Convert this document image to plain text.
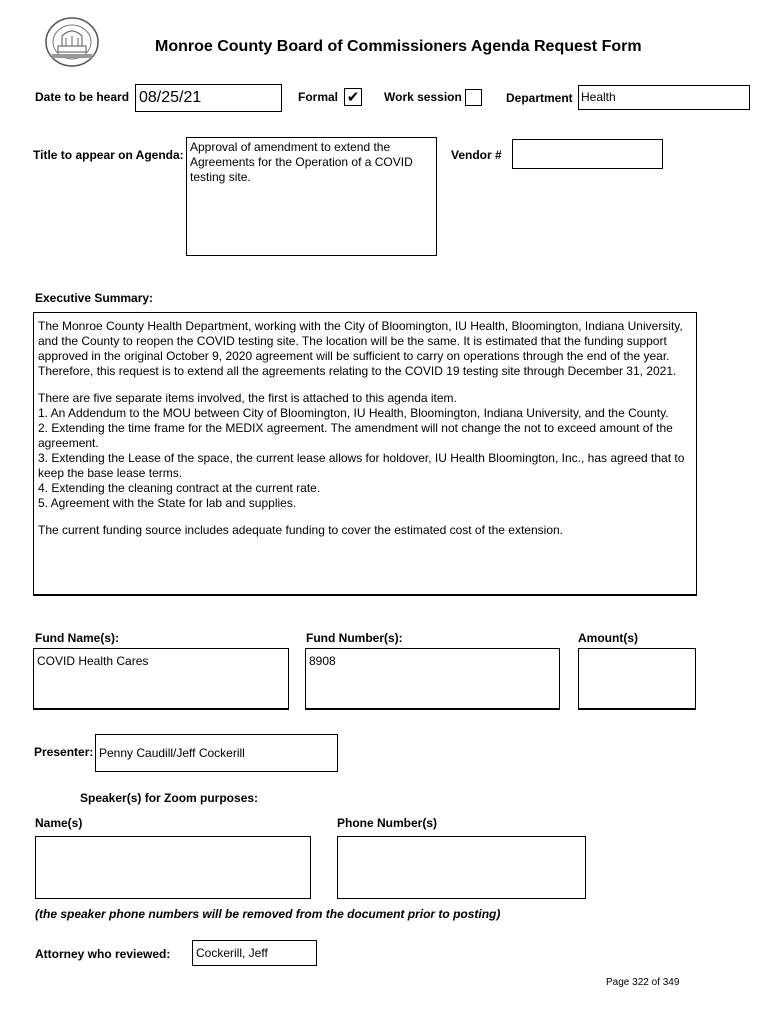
Monroe County Board of Commissioners Agenda Request Form
Date to be heard 08/25/21	Formal ✔ Work session	Department Health
Title to appear on Agenda:
Approval of amendment to extend the Agreements for the Operation of a COVID testing site.
Vendor #
Executive Summary:

The Monroe County Health Department, working with the City of Bloomington, IU Health, Bloomington, Indiana University, and the County to reopen the COVID testing site. The location will be the same. It is estimated that the funding support approved in the original October 9, 2020 agreement will be sufficient to carry on operations through the end of the year. Therefore, this request is to extend all the agreements relating to the COVID 19 testing site through December 31, 2021.

There are five separate items involved, the first is attached to this agenda item.

1. An Addendum to the MOU between City of Bloomington, IU Health, Bloomington, Indiana University, and the County.
2. Extending the time frame for the MEDIX agreement. The amendment will not change the not to exceed amount of the agreement.
3. Extending the Lease of the space, the current lease allows for holdover, IU Health Bloomington, Inc., has agreed that to keep the base lease terms.
4. Extending the cleaning contract at the current rate.
5. Agreement with the State for lab and supplies.

The current funding source includes adequate funding to cover the estimated cost of the extension.

Fund Name(s):	Fund Number(s):	Amount(s)
COVID Health Cares	8908
Presenter: Penny Caudill/Jeff Cockerill
Speaker(s) for Zoom purposes:
Name(s)	Phone Number(s)
(the speaker phone numbers will be removed from the document prior to posting)
Attorney who reviewed: Cockerill, Jeff
Page 322 of 349
